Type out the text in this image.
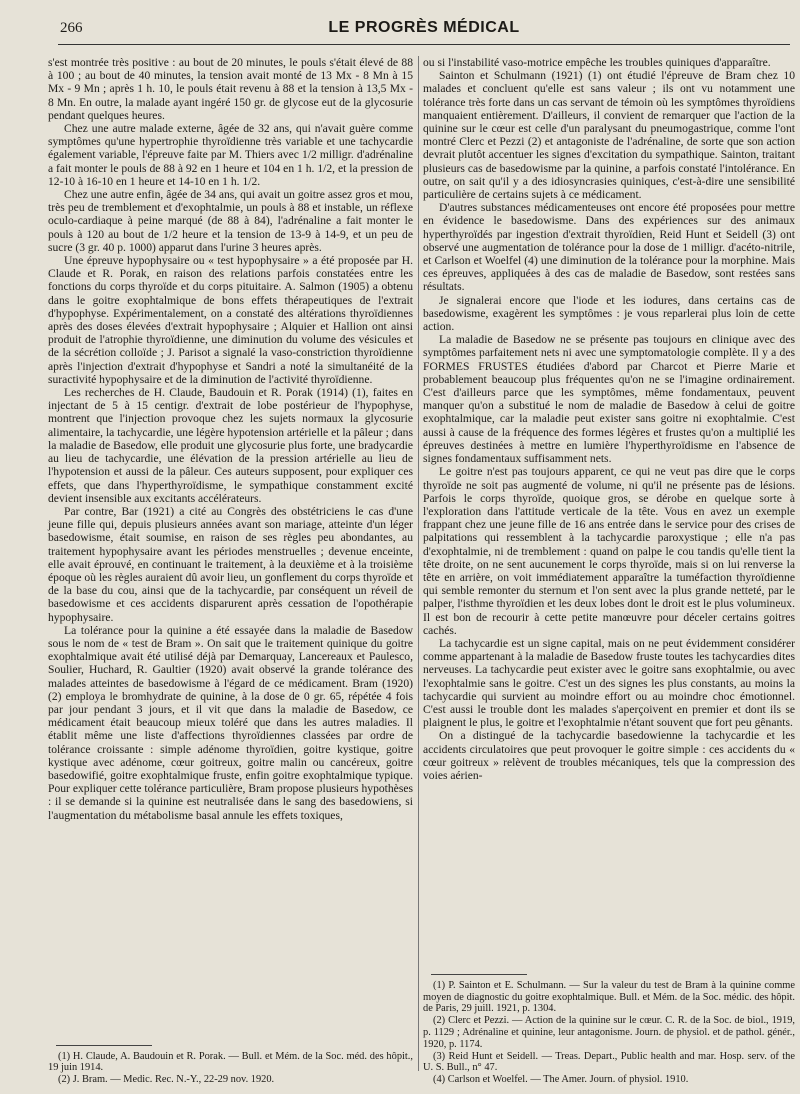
266	LE PROGRÈS MÉDICAL

s'est montrée très positive : au bout de 20 minutes, le pouls s'était élevé de 88 à 100 ; au bout de 40 minutes, la tension avait monté de 13 Mx - 8 Mn à 15 Mx - 9 Mn ; après 1 h. 10, le pouls était revenu à 88 et la tension à 13,5 Mx - 8 Mn. En outre, la malade ayant ingéré 150 gr. de glycose eut de la glycosurie pendant quelques heures.

Chez une autre malade externe, âgée de 32 ans, qui n'avait guère comme symptômes qu'une hypertrophie thyroïdienne très variable et une tachycardie également variable, l'épreuve faite par M. Thiers avec 1/2 milligr. d'adrénaline a fait monter le pouls de 88 à 92 en 1 heure et 104 en 1 h. 1/2, et la pression de 12-10 à 16-10 en 1 heure et 14-10 en 1 h. 1/2.

Chez une autre enfin, âgée de 34 ans, qui avait un goitre assez gros et mou, très peu de tremblement et d'exophtalmie, un pouls à 88 et instable, un réflexe oculo-cardiaque à peine marqué (de 88 à 84), l'adrénaline a fait monter le pouls à 120 au bout de 1/2 heure et la tension de 13-9 à 14-9, et un peu de sucre (3 gr. 40 p. 1000) apparut dans l'urine 3 heures après.

Une épreuve hypophysaire ou « test hypophysaire » a été proposée par H. Claude et R. Porak, en raison des relations parfois constatées entre les fonctions du corps thyroïde et du corps pituitaire. A. Salmon (1905) a obtenu dans le goitre exophtalmique de bons effets thérapeutiques de l'extrait d'hypophyse. Expérimentalement, on a constaté des altérations thyroïdiennes après des doses élevées d'extrait hypophysaire ; Alquier et Hallion ont ainsi produit de l'atrophie thyroïdienne, une diminution du volume des vésicules et de la sécrétion colloïde ; J. Parisot a signalé la vaso-constriction thyroïdienne après l'injection d'extrait d'hypophyse et Sandri a noté la simultanéité de la suractivité hypophysaire et de la diminution de l'activité thyroïdienne.

Les recherches de H. Claude, Baudouin et R. Porak (1914) (1), faites en injectant de 5 à 15 centigr. d'extrait de lobe postérieur de l'hypophyse, montrent que l'injection provoque chez les sujets normaux la glycosurie alimentaire, la tachycardie, une légère hypotension artérielle et la pâleur ; dans la maladie de Basedow, elle produit une glycosurie plus forte, une bradycardie au lieu de tachycardie, une élévation de la pression artérielle au lieu de l'hypotension et aussi de la pâleur. Ces auteurs supposent, pour expliquer ces effets, que dans l'hyperthyroïdisme, le sympathique constamment excité devient insensible aux excitants accélérateurs.

Par contre, Bar (1921) a cité au Congrès des obstétriciens le cas d'une jeune fille qui, depuis plusieurs années avant son mariage, atteinte d'un léger basedowisme, était soumise, en raison de ses règles peu abondantes, au traitement hypophysaire avant les périodes menstruelles ; devenue enceinte, elle avait éprouvé, en continuant le traitement, à la deuxième et à la troisième époque où les règles auraient dû avoir lieu, un gonflement du corps thyroïde et de la base du cou, ainsi que de la tachycardie, par conséquent un réveil de basedowisme et ces accidents disparurent après cessation de l'opothérapie hypophysaire.

La tolérance pour la quinine a été essayée dans la maladie de Basedow sous le nom de « test de Bram ». On sait que le traitement quinique du goitre exophtalmique avait été utilisé déjà par Demarquay, Lancereaux et Paulesco, Soulier, Huchard, R. Gaultier (1920) avait observé la grande tolérance des malades atteintes de basedowisme à l'égard de ce médicament. Bram (1920) (2) employa le bromhydrate de quinine, à la dose de 0 gr. 65, répétée 4 fois par jour pendant 3 jours, et il vit que dans la maladie de Basedow, ce médicament était beaucoup mieux toléré que dans les autres maladies. Il établit même une liste d'affections thyroïdiennes classées par ordre de tolérance croissante : simple adénome thyroïdien, goitre kystique, goitre kystique avec adénome, cœur goitreux, goitre malin ou cancéreux, goitre basedowifié, goitre exophtalmique fruste, enfin goitre exophtalmique typique. Pour expliquer cette tolérance particulière, Bram propose plusieurs hypothèses : il se demande si la quinine est neutralisée dans le sang des basedowiens, si l'augmentation du métabolisme basal annule les effets toxiques,

(1) H. Claude, A. Baudouin et R. Porak. — Bull. et Mém. de la Soc. méd. des hôpit., 19 juin 1914.

(2) J. Bram. — Medic. Rec. N.-Y., 22-29 nov. 1920.

ou si l'instabilité vaso-motrice empêche les troubles quiniques d'apparaître.

Sainton et Schulmann (1921) (1) ont étudié l'épreuve de Bram chez 10 malades et concluent qu'elle est sans valeur ; ils ont vu notamment une tolérance très forte dans un cas servant de témoin où les symptômes thyroïdiens manquaient entièrement. D'ailleurs, il convient de remarquer que l'action de la quinine sur le cœur est celle d'un paralysant du pneumogastrique, comme l'ont montré Clerc et Pezzi (2) et antagoniste de l'adrénaline, de sorte que son action devrait plutôt accentuer les signes d'excitation du sympathique. Sainton, traitant plusieurs cas de basedowisme par la quinine, a parfois constaté l'intolérance. En outre, on sait qu'il y a des idiosyncrasies quiniques, c'est-à-dire une sensibilité particulière de certains sujets à ce médicament.

D'autres substances médicamenteuses ont encore été proposées pour mettre en évidence le basedowisme. Dans des expériences sur des animaux hyperthyroïdés par ingestion d'extrait thyroïdien, Reid Hunt et Seidell (3) ont observé une augmentation de tolérance pour la dose de 1 milligr. d'acéto-nitrile, et Carlson et Woelfel (4) une diminution de la tolérance pour la morphine. Mais ces épreuves, appliquées à des cas de maladie de Basedow, sont restées sans résultats.

Je signalerai encore que l'iode et les iodures, dans certains cas de basedowisme, exagèrent les symptômes : je vous reparlerai plus loin de cette action.

La maladie de Basedow ne se présente pas toujours en clinique avec des symptômes parfaitement nets ni avec une symptomatologie complète. Il y a des FORMES FRUSTES étudiées d'abord par Charcot et Pierre Marie et probablement beaucoup plus fréquentes qu'on ne se l'imagine ordinairement. C'est d'ailleurs parce que les symptômes, même fondamentaux, peuvent manquer qu'on a substitué le nom de maladie de Basedow à celui de goitre exophtalmique, car la maladie peut exister sans goitre ni exophtalmie. C'est aussi à cause de la fréquence des formes légères et frustes qu'on a multiplié les épreuves destinées à mettre en lumière l'hyperthyroïdisme en l'absence de signes fondamentaux suffisamment nets.

Le goitre n'est pas toujours apparent, ce qui ne veut pas dire que le corps thyroïde ne soit pas augmenté de volume, ni qu'il ne présente pas de lésions. Parfois le corps thyroïde, quoique gros, se dérobe en quelque sorte à l'exploration dans l'attitude verticale de la tête. Vous en avez un exemple frappant chez une jeune fille de 16 ans entrée dans le service pour des crises de palpitations qui ressemblent à la tachycardie paroxystique ; elle n'a pas d'exophtalmie, ni de tremblement : quand on palpe le cou tandis qu'elle tient la tête droite, on ne sent aucunement le corps thyroïde, mais si on lui renverse la tête en arrière, on voit immédiatement apparaître la tuméfaction thyroïdienne qui semble remonter du sternum et l'on sent avec la plus grande netteté, par le palper, l'isthme thyroïdien et les deux lobes dont le droit est le plus volumineux. Il est bon de recourir à cette petite manœuvre pour déceler certains goitres cachés.

La tachycardie est un signe capital, mais on ne peut évidemment considérer comme appartenant à la maladie de Basedow fruste toutes les tachycardies dites nerveuses. La tachycardie peut exister avec le goitre sans exophtalmie, ou avec l'exophtalmie sans le goitre. C'est un des signes les plus constants, au moins la tachycardie qui survient au moindre effort ou au moindre choc émotionnel. C'est aussi le trouble dont les malades s'aperçoivent en premier et dont ils se plaignent le plus, le goitre et l'exophtalmie n'étant souvent que fort peu gênants.

On a distingué de la tachycardie basedowienne la tachycardie et les accidents circulatoires que peut provoquer le goitre simple : ces accidents du « cœur goitreux » relèvent de troubles mécaniques, tels que la compression des voies aérien-

(1) P. Sainton et E. Schulmann. — Sur la valeur du test de Bram à la quinine comme moyen de diagnostic du goitre exophtalmique. Bull. et Mém. de la Soc. médic. des hôpit. de Paris, 29 juill. 1921, p. 1304.

(2) Clerc et Pezzi. — Action de la quinine sur le cœur. C. R. de la Soc. de biol., 1919, p. 1129 ; Adrénaline et quinine, leur antagonisme. Journ. de physiol. et de pathol. génér., 1920, p. 1174.

(3) Reid Hunt et Seidell. — Treas. Depart., Public health and mar. Hosp. serv. of the U. S. Bull., n° 47.

(4) Carlson et Woelfel. — The Amer. Journ. of physiol. 1910.
